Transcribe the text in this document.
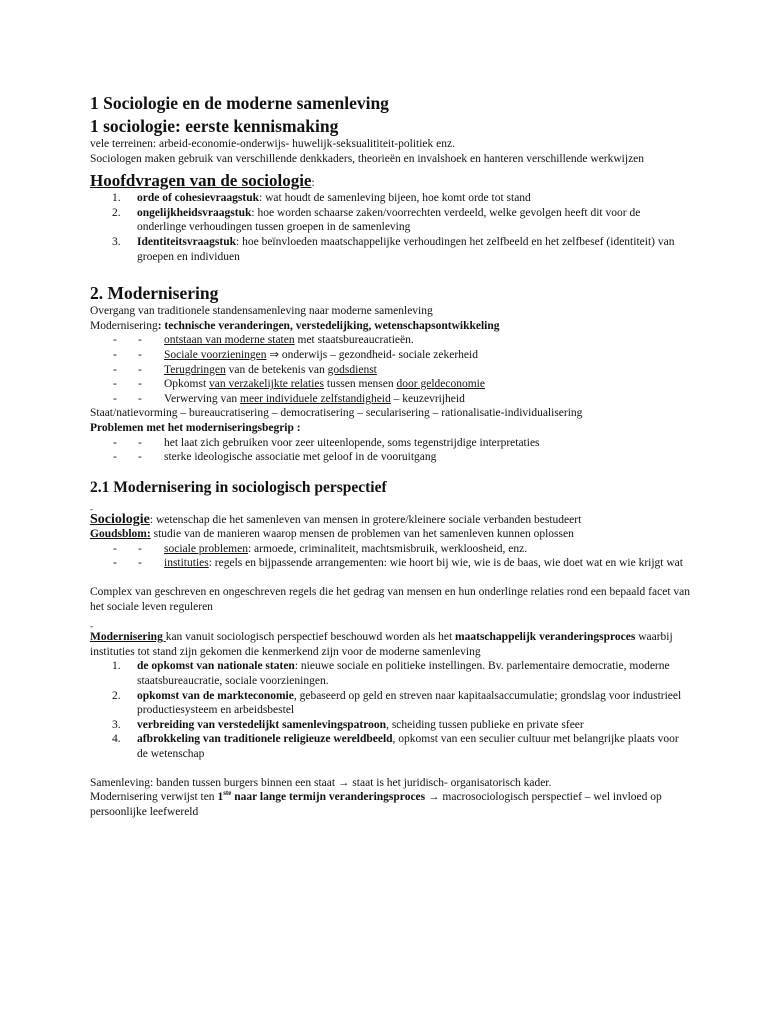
1 Sociologie en de moderne samenleving
1 sociologie: eerste kennismaking
vele terreinen: arbeid-economie-onderwijs- huwelijk-seksualititeit-politiek enz.
Sociologen maken gebruik van verschillende denkkaders, theorieën en invalshoek en hanteren verschillende werkwijzen
Hoofdvragen van de sociologie:
1. orde of cohesievraagstuk: wat houdt de samenleving bijeen, hoe komt orde tot stand
2. ongelijkheidsvraagstuk: hoe worden schaarse zaken/voorrechten verdeeld, welke gevolgen heeft dit voor de onderlinge verhoudingen tussen groepen in de samenleving
3. Identiteitsvraagstuk: hoe beïnvloeden maatschappelijke verhoudingen het zelfbeeld en het zelfbesef (identiteit) van groepen en individuen
2. Modernisering
Overgang van traditionele standensamenleving naar moderne samenleving
Modernisering: technische veranderingen, verstedelijking, wetenschapsontwikkeling
- - ontstaan van moderne staten met staatsbureaucratieën.
- - Sociale voorzieningen ⇒ onderwijs – gezondheid- sociale zekerheid
- - Terugdringen van de betekenis van godsdienst
- - Opkomst van verzakelijkte relaties tussen mensen door geldeconomie
- - Verwerving van meer individuele zelfstandigheid – keuzevrijheid
Staat/natievorming – bureaucratisering – democratisering – secularisering – rationalisatie-individualisering
Problemen met het moderniseringsbegrip :
- - het laat zich gebruiken voor zeer uiteenlopende, soms tegenstrijdige interpretaties
- - sterke ideologische associatie met geloof in de vooruitgang
2.1 Modernisering in sociologisch perspectief
-
Sociologie: wetenschap die het samenleven van mensen in grotere/kleinere sociale verbanden bestudeert
Goudsblom: studie van de manieren waarop mensen de problemen van het samenleven kunnen oplossen
- - sociale problemen: armoede, criminaliteit, machtsmisbruik, werkloosheid, enz.
- - instituties: regels en bijpassende arrangementen: wie hoort bij wie, wie is de baas, wie doet wat en wie krijgt wat
Complex van geschreven en ongeschreven regels die het gedrag van mensen en hun onderlinge relaties rond een bepaald facet van het sociale leven reguleren
-
Modernisering kan vanuit sociologisch perspectief beschouwd worden als het maatschappelijk veranderingsproces waarbij instituties tot stand zijn gekomen die kenmerkend zijn voor de moderne samenleving
1. de opkomst van nationale staten: nieuwe sociale en politieke instellingen. Bv. parlementaire democratie, moderne staatsbureaucratie, sociale voorzieningen.
2. opkomst van de markteconomie, gebaseerd op geld en streven naar kapitaalsaccumulatie; grondslag voor industrieel productiesysteem en arbeidsbestel
3. verbreiding van verstedelijkt samenlevingspatroon, scheiding tussen publieke en private sfeer
4. afbrokkeling van traditionele religieuze wereldbeeld, opkomst van een seculier cultuur met belangrijke plaats voor de wetenschap
Samenleving: banden tussen burgers binnen een staat → staat is het juridisch- organisatorisch kader.
Modernisering verwijst ten 1ste naar lange termijn veranderingsproces → macrosociologisch perspectief – wel invloed op persoonlijke leefwereld
